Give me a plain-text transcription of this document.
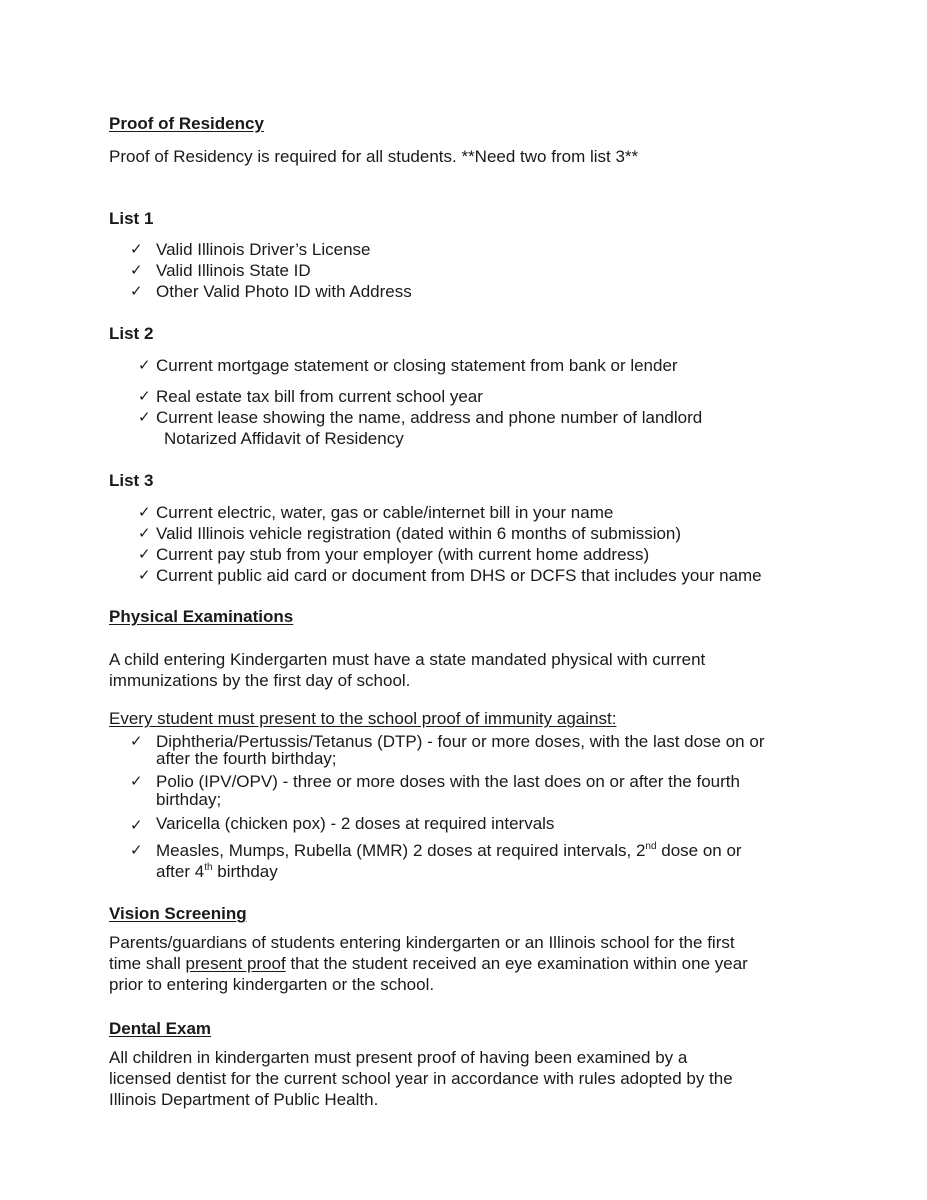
Proof of Residency
Proof of Residency is required for all students. **Need two from list 3**
List 1
✓ Valid Illinois Driver’s License
✓ Valid Illinois State ID
✓ Other Valid Photo ID with Address
List 2
✓ Current mortgage statement or closing statement from bank or lender
✓ Real estate tax bill from current school year
✓ Current lease showing the name, address and phone number of landlord
Notarized Affidavit of Residency
List 3
✓ Current electric, water, gas or cable/internet bill in your name
✓ Valid Illinois vehicle registration (dated within 6 months of submission)
✓ Current pay stub from your employer (with current home address)
✓ Current public aid card or document from DHS or DCFS that includes your name
Physical Examinations
A child entering Kindergarten must have a state mandated physical with current
immunizations by the first day of school.
Every student must present to the school proof of immunity against:
✓ Diphtheria/Pertussis/Tetanus (DTP) - four or more doses, with the last dose on or
after the fourth birthday;
✓ Polio (IPV/OPV) - three or more doses with the last does on or after the fourth
birthday;
✓ Varicella (chicken pox) - 2 doses at required intervals
✓ Measles, Mumps, Rubella (MMR) 2 doses at required intervals, 2nd dose on or
after 4th birthday
Vision Screening
Parents/guardians of students entering kindergarten or an Illinois school for the first
time shall present proof that the student received an eye examination within one year
prior to entering kindergarten or the school.
Dental Exam
All children in kindergarten must present proof of having been examined by a
licensed dentist for the current school year in accordance with rules adopted by the
Illinois Department of Public Health.
